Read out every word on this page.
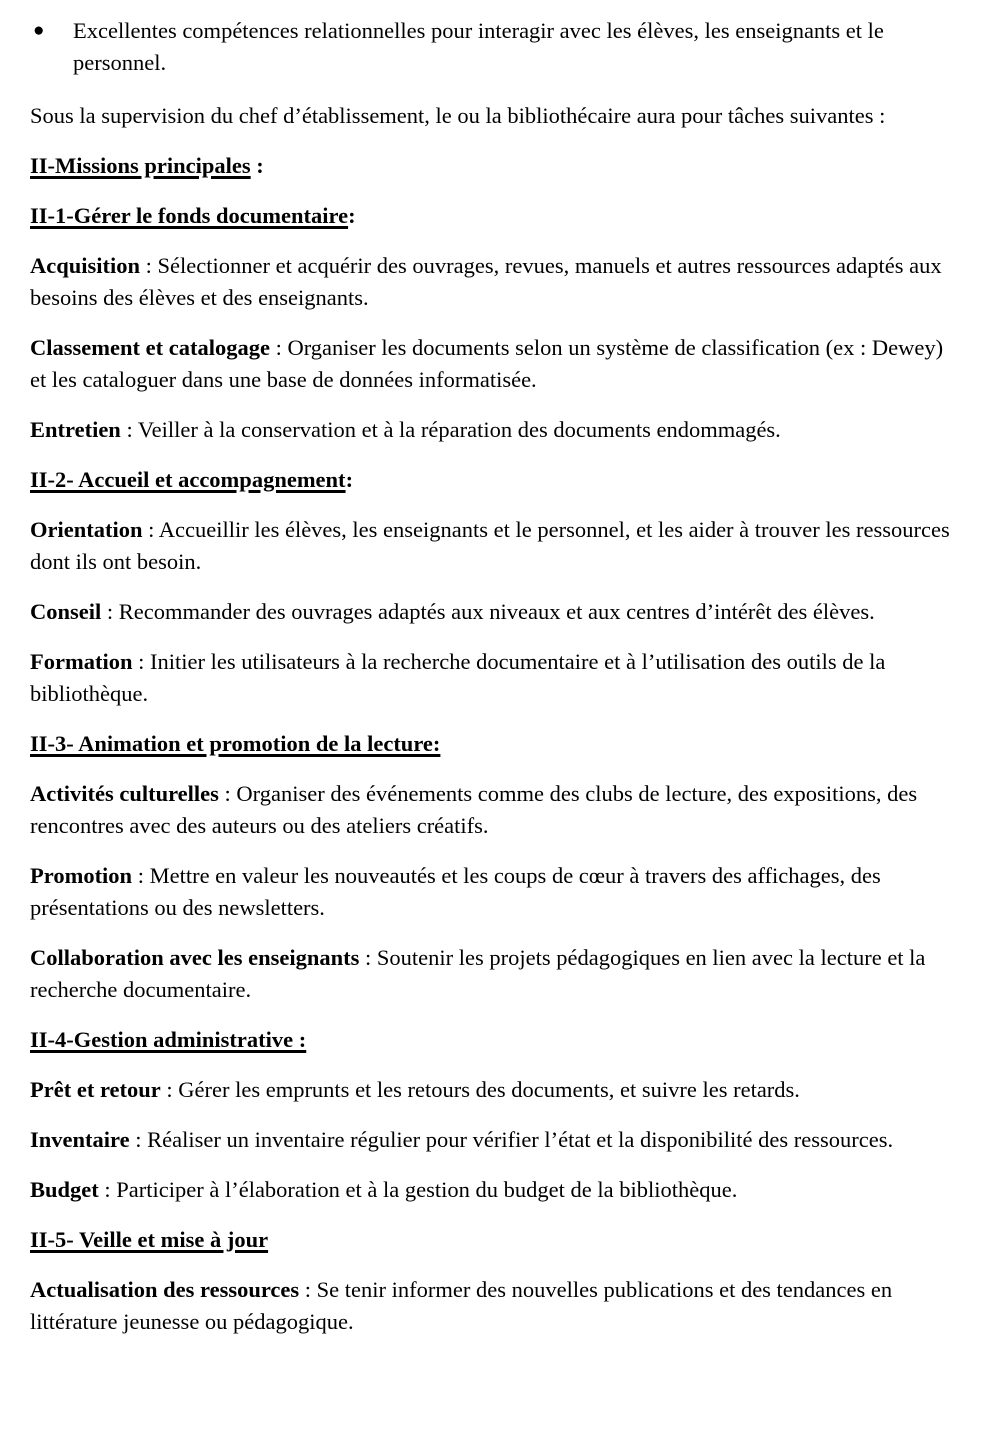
●	Excellentes compétences relationnelles pour interagir avec les élèves, les enseignants et le personnel.

Sous la supervision du chef d’établissement, le ou la bibliothécaire aura pour tâches suivantes :

II-Missions principales :

II-1-Gérer le fonds documentaire:

Acquisition : Sélectionner et acquérir des ouvrages, revues, manuels et autres ressources adaptés aux besoins des élèves et des enseignants.

Classement et catalogage : Organiser les documents selon un système de classification (ex : Dewey) et les cataloguer dans une base de données informatisée.

Entretien : Veiller à la conservation et à la réparation des documents endommagés.

II-2- Accueil et accompagnement:

Orientation : Accueillir les élèves, les enseignants et le personnel, et les aider à trouver les ressources dont ils ont besoin.

Conseil : Recommander des ouvrages adaptés aux niveaux et aux centres d’intérêt des élèves.

Formation : Initier les utilisateurs à la recherche documentaire et à l’utilisation des outils de la bibliothèque.

II-3- Animation et promotion de la lecture:

Activités culturelles : Organiser des événements comme des clubs de lecture, des expositions, des rencontres avec des auteurs ou des ateliers créatifs.

Promotion : Mettre en valeur les nouveautés et les coups de cœur à travers des affichages, des présentations ou des newsletters.

Collaboration avec les enseignants : Soutenir les projets pédagogiques en lien avec la lecture et la recherche documentaire.

II-4-Gestion administrative :

Prêt et retour : Gérer les emprunts et les retours des documents, et suivre les retards.

Inventaire : Réaliser un inventaire régulier pour vérifier l’état et la disponibilité des ressources.

Budget : Participer à l’élaboration et à la gestion du budget de la bibliothèque.

II-5- Veille et mise à jour

Actualisation des ressources : Se tenir informer des nouvelles publications et des tendances en littérature jeunesse ou pédagogique.
